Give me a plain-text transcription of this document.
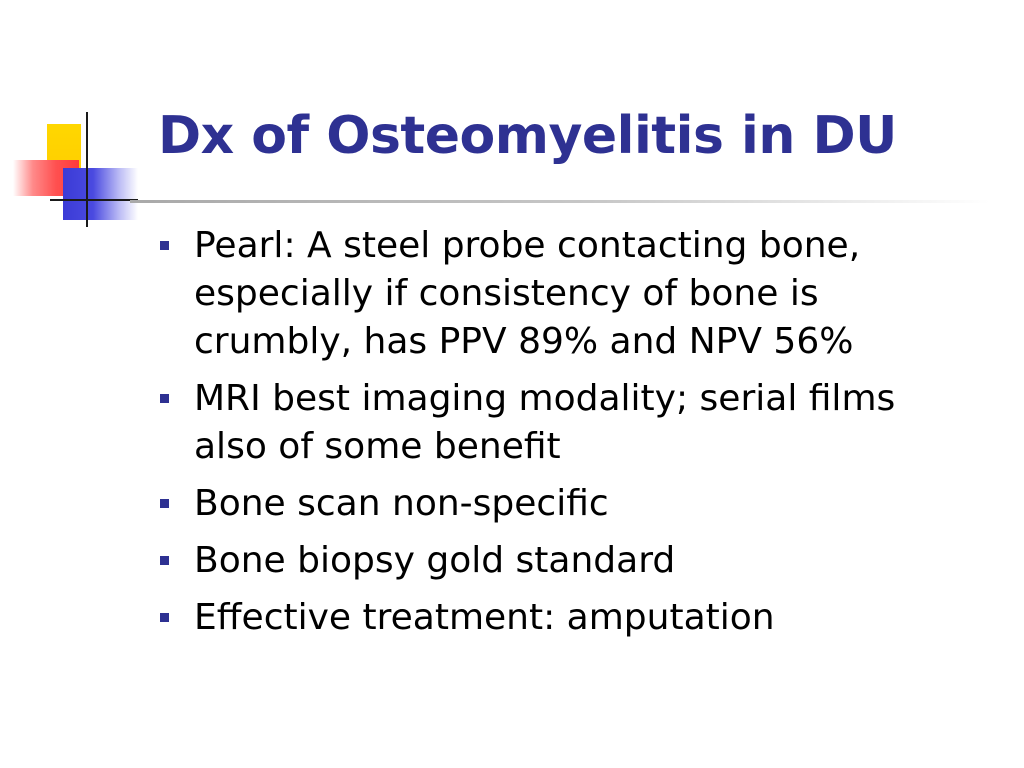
Dx of Osteomyelitis in DU
Pearl: A steel probe contacting bone, especially if consistency of bone is crumbly, has PPV 89% and NPV 56%
MRI best imaging modality; serial films also of some benefit
Bone scan non-specific
Bone biopsy gold standard
Effective treatment: amputation
